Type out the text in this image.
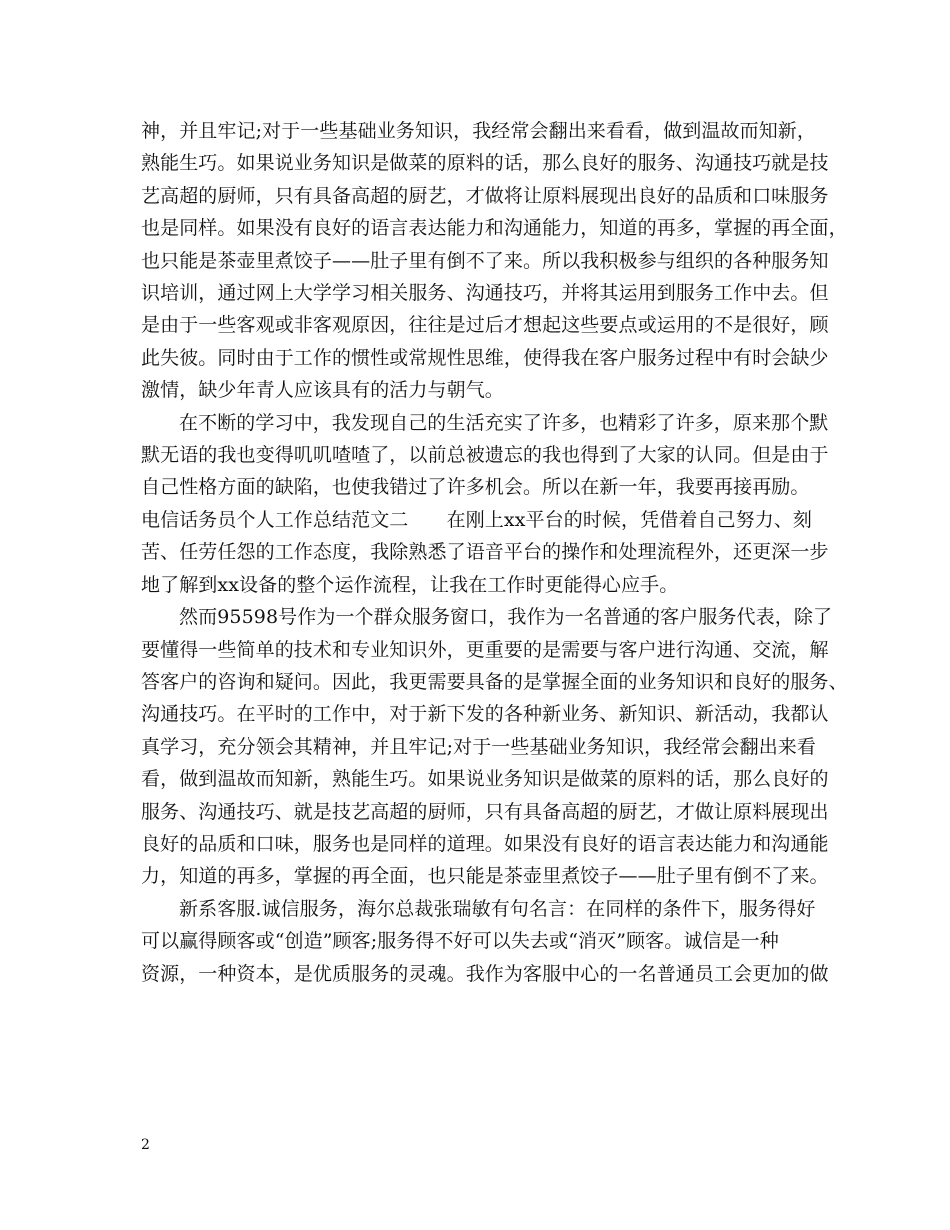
神，并且牢记;对于一些基础业务知识，我经常会翻出来看看，做到温故而知新，
熟能生巧。如果说业务知识是做菜的原料的话，那么良好的服务、沟通技巧就是技
艺高超的厨师，只有具备高超的厨艺，才做将让原料展现出良好的品质和口味服务
也是同样。如果没有良好的语言表达能力和沟通能力，知道的再多，掌握的再全面，
也只能是茶壶里煮饺子——肚子里有倒不了来。所以我积极参与组织的各种服务知
识培训，通过网上大学学习相关服务、沟通技巧，并将其运用到服务工作中去。但
是由于一些客观或非客观原因，往往是过后才想起这些要点或运用的不是很好，顾
此失彼。同时由于工作的惯性或常规性思维，使得我在客户服务过程中有时会缺少
激情，缺少年青人应该具有的活力与朝气。
在不断的学习中，我发现自己的生活充实了许多，也精彩了许多，原来那个默
默无语的我也变得叽叽喳喳了，以前总被遗忘的我也得到了大家的认同。但是由于
自己性格方面的缺陷，也使我错过了许多机会。所以在新一年，我要再接再励。
电信话务员个人工作总结范文二　　在刚上xx平台的时候，凭借着自己努力、刻
苦、任劳任怨的工作态度，我除熟悉了语音平台的操作和处理流程外，还更深一步
地了解到xx设备的整个运作流程，让我在工作时更能得心应手。
然而95598号作为一个群众服务窗口，我作为一名普通的客户服务代表，除了
要懂得一些简单的技术和专业知识外，更重要的是需要与客户进行沟通、交流，解
答客户的咨询和疑问。因此，我更需要具备的是掌握全面的业务知识和良好的服务、
沟通技巧。在平时的工作中，对于新下发的各种新业务、新知识、新活动，我都认
真学习，充分领会其精神，并且牢记;对于一些基础业务知识，我经常会翻出来看
看，做到温故而知新，熟能生巧。如果说业务知识是做菜的原料的话，那么良好的
服务、沟通技巧、就是技艺高超的厨师，只有具备高超的厨艺，才做让原料展现出
良好的品质和口味，服务也是同样的道理。如果没有良好的语言表达能力和沟通能
力，知道的再多，掌握的再全面，也只能是茶壶里煮饺子——肚子里有倒不了来。
新系客服.诚信服务，海尔总裁张瑞敏有句名言：在同样的条件下，服务得好
可以赢得顾客或“创造”顾客;服务得不好可以失去或“消灭”顾客。诚信是一种
资源，一种资本，是优质服务的灵魂。我作为客服中心的一名普通员工会更加的做
2
